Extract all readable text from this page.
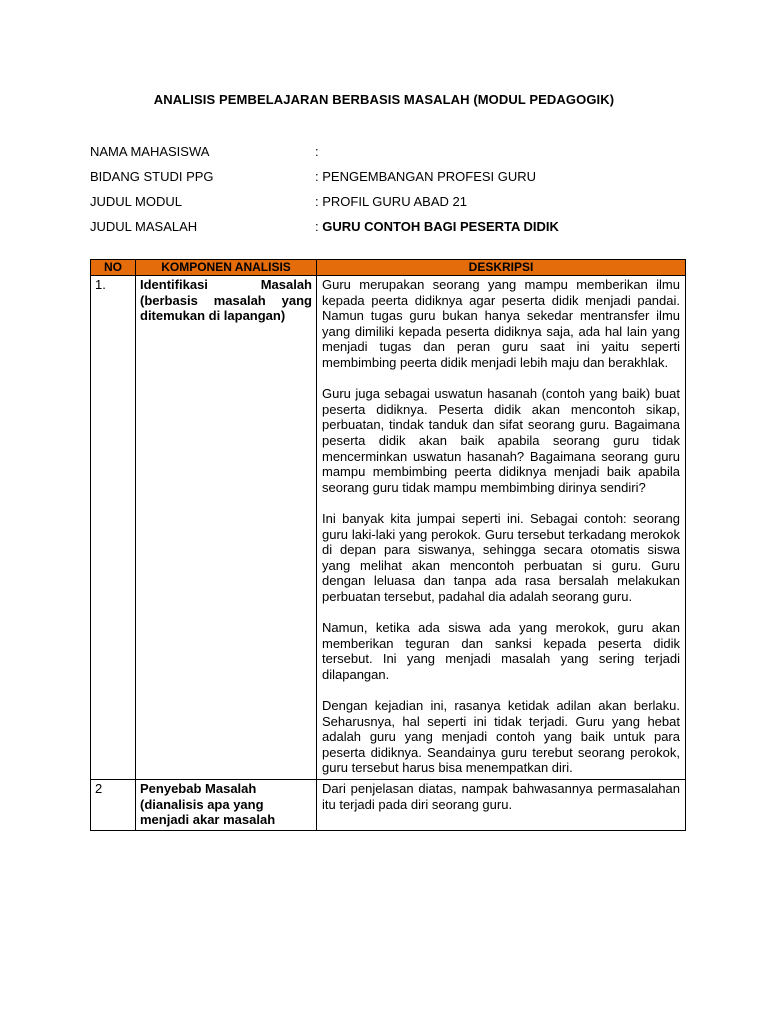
ANALISIS PEMBELAJARAN BERBASIS MASALAH (MODUL PEDAGOGIK)
NAMA MAHASISWA	:
BIDANG STUDI PPG	: PENGEMBANGAN PROFESI GURU
JUDUL MODUL	: PROFIL GURU ABAD 21
JUDUL MASALAH	: GURU CONTOH BAGI PESERTA DIDIK
NO	KOMPONEN ANALISIS	DESKRIPSI
1.	Identifikasi Masalah (berbasis masalah yang ditemukan di lapangan)	Guru merupakan seorang yang mampu memberikan ilmu kepada peerta didiknya agar peserta didik menjadi pandai. Namun tugas guru bukan hanya sekedar mentransfer ilmu yang dimiliki kepada peserta didiknya saja, ada hal lain yang menjadi tugas dan peran guru saat ini yaitu seperti membimbing peerta didik menjadi lebih maju dan berakhlak.

Guru juga sebagai uswatun hasanah (contoh yang baik) buat peserta didiknya. Peserta didik akan mencontoh sikap, perbuatan, tindak tanduk dan sifat seorang guru. Bagaimana peserta didik akan baik apabila seorang guru tidak mencerminkan uswatun hasanah? Bagaimana seorang guru mampu membimbing peerta didiknya menjadi baik apabila seorang guru tidak mampu membimbing dirinya sendiri?

Ini banyak kita jumpai seperti ini. Sebagai contoh: seorang guru laki-laki yang perokok. Guru tersebut terkadang merokok di depan para siswanya, sehingga secara otomatis siswa yang melihat akan mencontoh perbuatan si guru. Guru dengan leluasa dan tanpa ada rasa bersalah melakukan perbuatan tersebut, padahal dia adalah seorang guru.

Namun, ketika ada siswa ada yang merokok, guru akan memberikan teguran dan sanksi kepada peserta didik tersebut. Ini yang menjadi masalah yang sering terjadi dilapangan.

Dengan kejadian ini, rasanya ketidak adilan akan berlaku. Seharusnya, hal seperti ini tidak terjadi. Guru yang hebat adalah guru yang menjadi contoh yang baik untuk para peserta didiknya. Seandainya guru terebut seorang perokok, guru tersebut harus bisa menempatkan diri.

2	Penyebab Masalah (dianalisis apa yang menjadi akar masalah	Dari penjelasan diatas, nampak bahwasannya permasalahan itu terjadi pada diri seorang guru.
